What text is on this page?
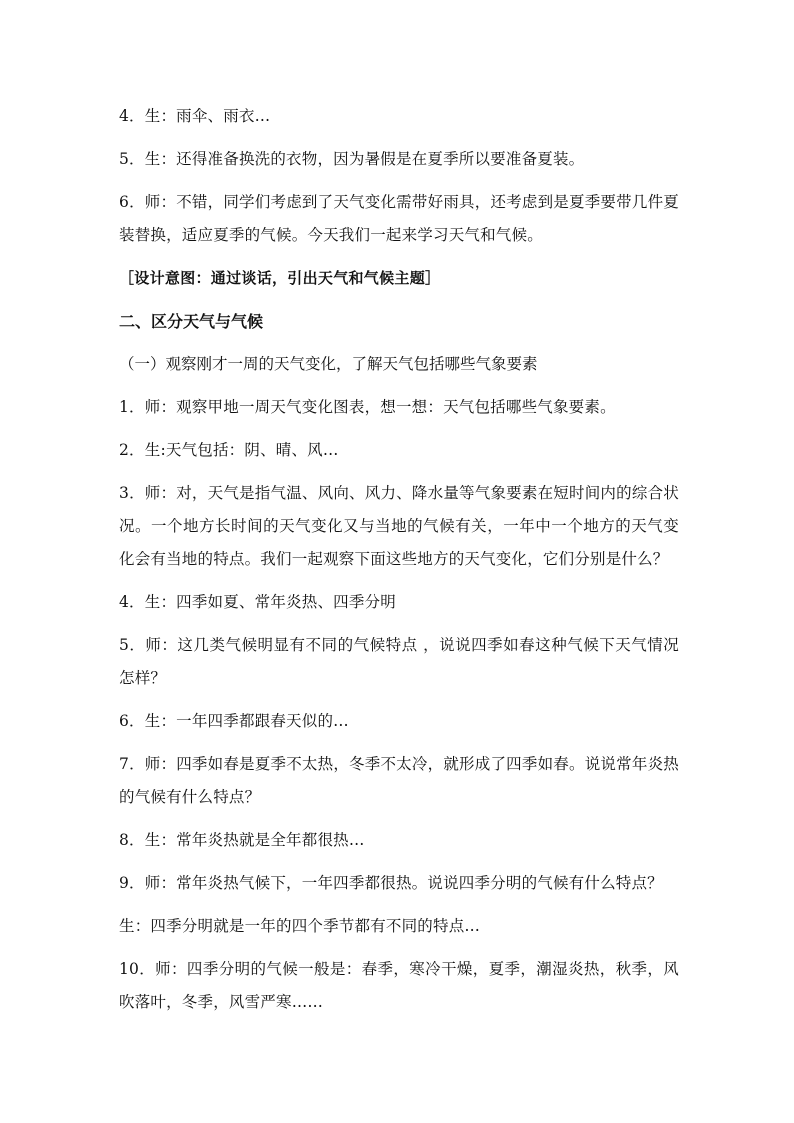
4．生：雨伞、雨衣…

5．生：还得准备换洗的衣物，因为暑假是在夏季所以要准备夏装。

6．师：不错，同学们考虑到了天气变化需带好雨具，还考虑到是夏季要带几件夏装替换，适应夏季的气候。今天我们一起来学习天气和气候。

［设计意图：通过谈话，引出天气和气候主题］

二、区分天气与气候

（一）观察刚才一周的天气变化，了解天气包括哪些气象要素

1．师：观察甲地一周天气变化图表，想一想：天气包括哪些气象要素。

2．生:天气包括：阴、晴、风…

3．师：对，天气是指气温、风向、风力、降水量等气象要素在短时间内的综合状况。一个地方长时间的天气变化又与当地的气候有关，一年中一个地方的天气变化会有当地的特点。我们一起观察下面这些地方的天气变化，它们分别是什么？

4．生：四季如夏、常年炎热、四季分明

5．师：这几类气候明显有不同的气候特点 ，说说四季如春这种气候下天气情况怎样？

6．生：一年四季都跟春天似的…

7．师：四季如春是夏季不太热，冬季不太冷，就形成了四季如春。说说常年炎热的气候有什么特点？

8．生：常年炎热就是全年都很热…

9．师：常年炎热气候下，一年四季都很热。说说四季分明的气候有什么特点？

生：四季分明就是一年的四个季节都有不同的特点…

10．师：四季分明的气候一般是：春季，寒冷干燥，夏季，潮湿炎热，秋季，风吹落叶，冬季，风雪严寒……
